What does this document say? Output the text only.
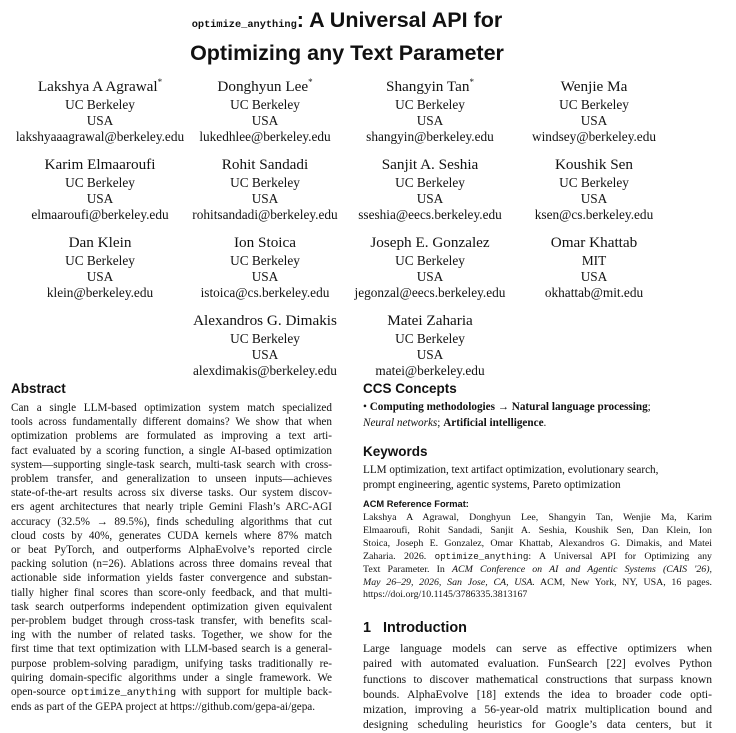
optimize_anything: A Universal API for
Optimizing any Text Parameter
Lakshya A Agrawal*
UC Berkeley
USA
lakshyaaagrawal@berkeley.edu
Donghyun Lee*
UC Berkeley
USA
lukedhlee@berkeley.edu
Shangyin Tan*
UC Berkeley
USA
shangyin@berkeley.edu
Wenjie Ma
UC Berkeley
USA
windsey@berkeley.edu
Karim Elmaaroufi
UC Berkeley
USA
elmaaroufi@berkeley.edu
Rohit Sandadi
UC Berkeley
USA
rohitsandadi@berkeley.edu
Sanjit A. Seshia
UC Berkeley
USA
sseshia@eecs.berkeley.edu
Koushik Sen
UC Berkeley
USA
ksen@cs.berkeley.edu
Dan Klein
UC Berkeley
USA
klein@berkeley.edu
Ion Stoica
UC Berkeley
USA
istoica@cs.berkeley.edu
Joseph E. Gonzalez
UC Berkeley
USA
jegonzal@eecs.berkeley.edu
Omar Khattab
MIT
USA
okhattab@mit.edu
Alexandros G. Dimakis
UC Berkeley
USA
alexdimakis@berkeley.edu
Matei Zaharia
UC Berkeley
USA
matei@berkeley.edu
Abstract
Can a single LLM-based optimization system match specialized
tools across fundamentally different domains? We show that when
optimization problems are formulated as improving a text arti-
fact evaluated by a scoring function, a single AI-based optimization
system—supporting single-task search, multi-task search with cross-
problem transfer, and generalization to unseen inputs—achieves
state-of-the-art results across six diverse tasks. Our system discov-
ers agent architectures that nearly triple Gemini Flash’s ARC-AGI
accuracy (32.5% → 89.5%), finds scheduling algorithms that cut
cloud costs by 40%, generates CUDA kernels where 87% match
or beat PyTorch, and outperforms AlphaEvolve’s reported circle
packing solution (n=26). Ablations across three domains reveal that
actionable side information yields faster convergence and substan-
tially higher final scores than score-only feedback, and that multi-
task search outperforms independent optimization given equivalent
per-problem budget through cross-task transfer, with benefits scal-
ing with the number of related tasks. Together, we show for the
first time that text optimization with LLM-based search is a general-
purpose problem-solving paradigm, unifying tasks traditionally re-
quiring domain-specific algorithms under a single framework. We
open-source optimize_anything with support for multiple back-
ends as part of the GEPA project at https://github.com/gepa-ai/gepa.
CCS Concepts
• Computing methodologies → Natural language processing;
Neural networks; Artificial intelligence.
Keywords
LLM optimization, text artifact optimization, evolutionary search,
prompt engineering, agentic systems, Pareto optimization
ACM Reference Format:
Lakshya A Agrawal, Donghyun Lee, Shangyin Tan, Wenjie Ma, Karim
Elmaaroufi, Rohit Sandadi, Sanjit A. Seshia, Koushik Sen, Dan Klein, Ion
Stoica, Joseph E. Gonzalez, Omar Khattab, Alexandros G. Dimakis, and Matei
Zaharia. 2026. optimize_anything: A Universal API for Optimizing any
Text Parameter. In ACM Conference on AI and Agentic Systems (CAIS '26),
May 26–29, 2026, San Jose, CA, USA. ACM, New York, NY, USA, 16 pages.
https://doi.org/10.1145/3786335.3813167
1 Introduction
Large language models can serve as effective optimizers when
paired with automated evaluation. FunSearch [22] evolves Python
functions to discover mathematical constructions that surpass known
bounds. AlphaEvolve [18] extends the idea to broader code opti-
mization, improving a 56-year-old matrix multiplication bound and
designing scheduling heuristics for Google’s data centers, but it
